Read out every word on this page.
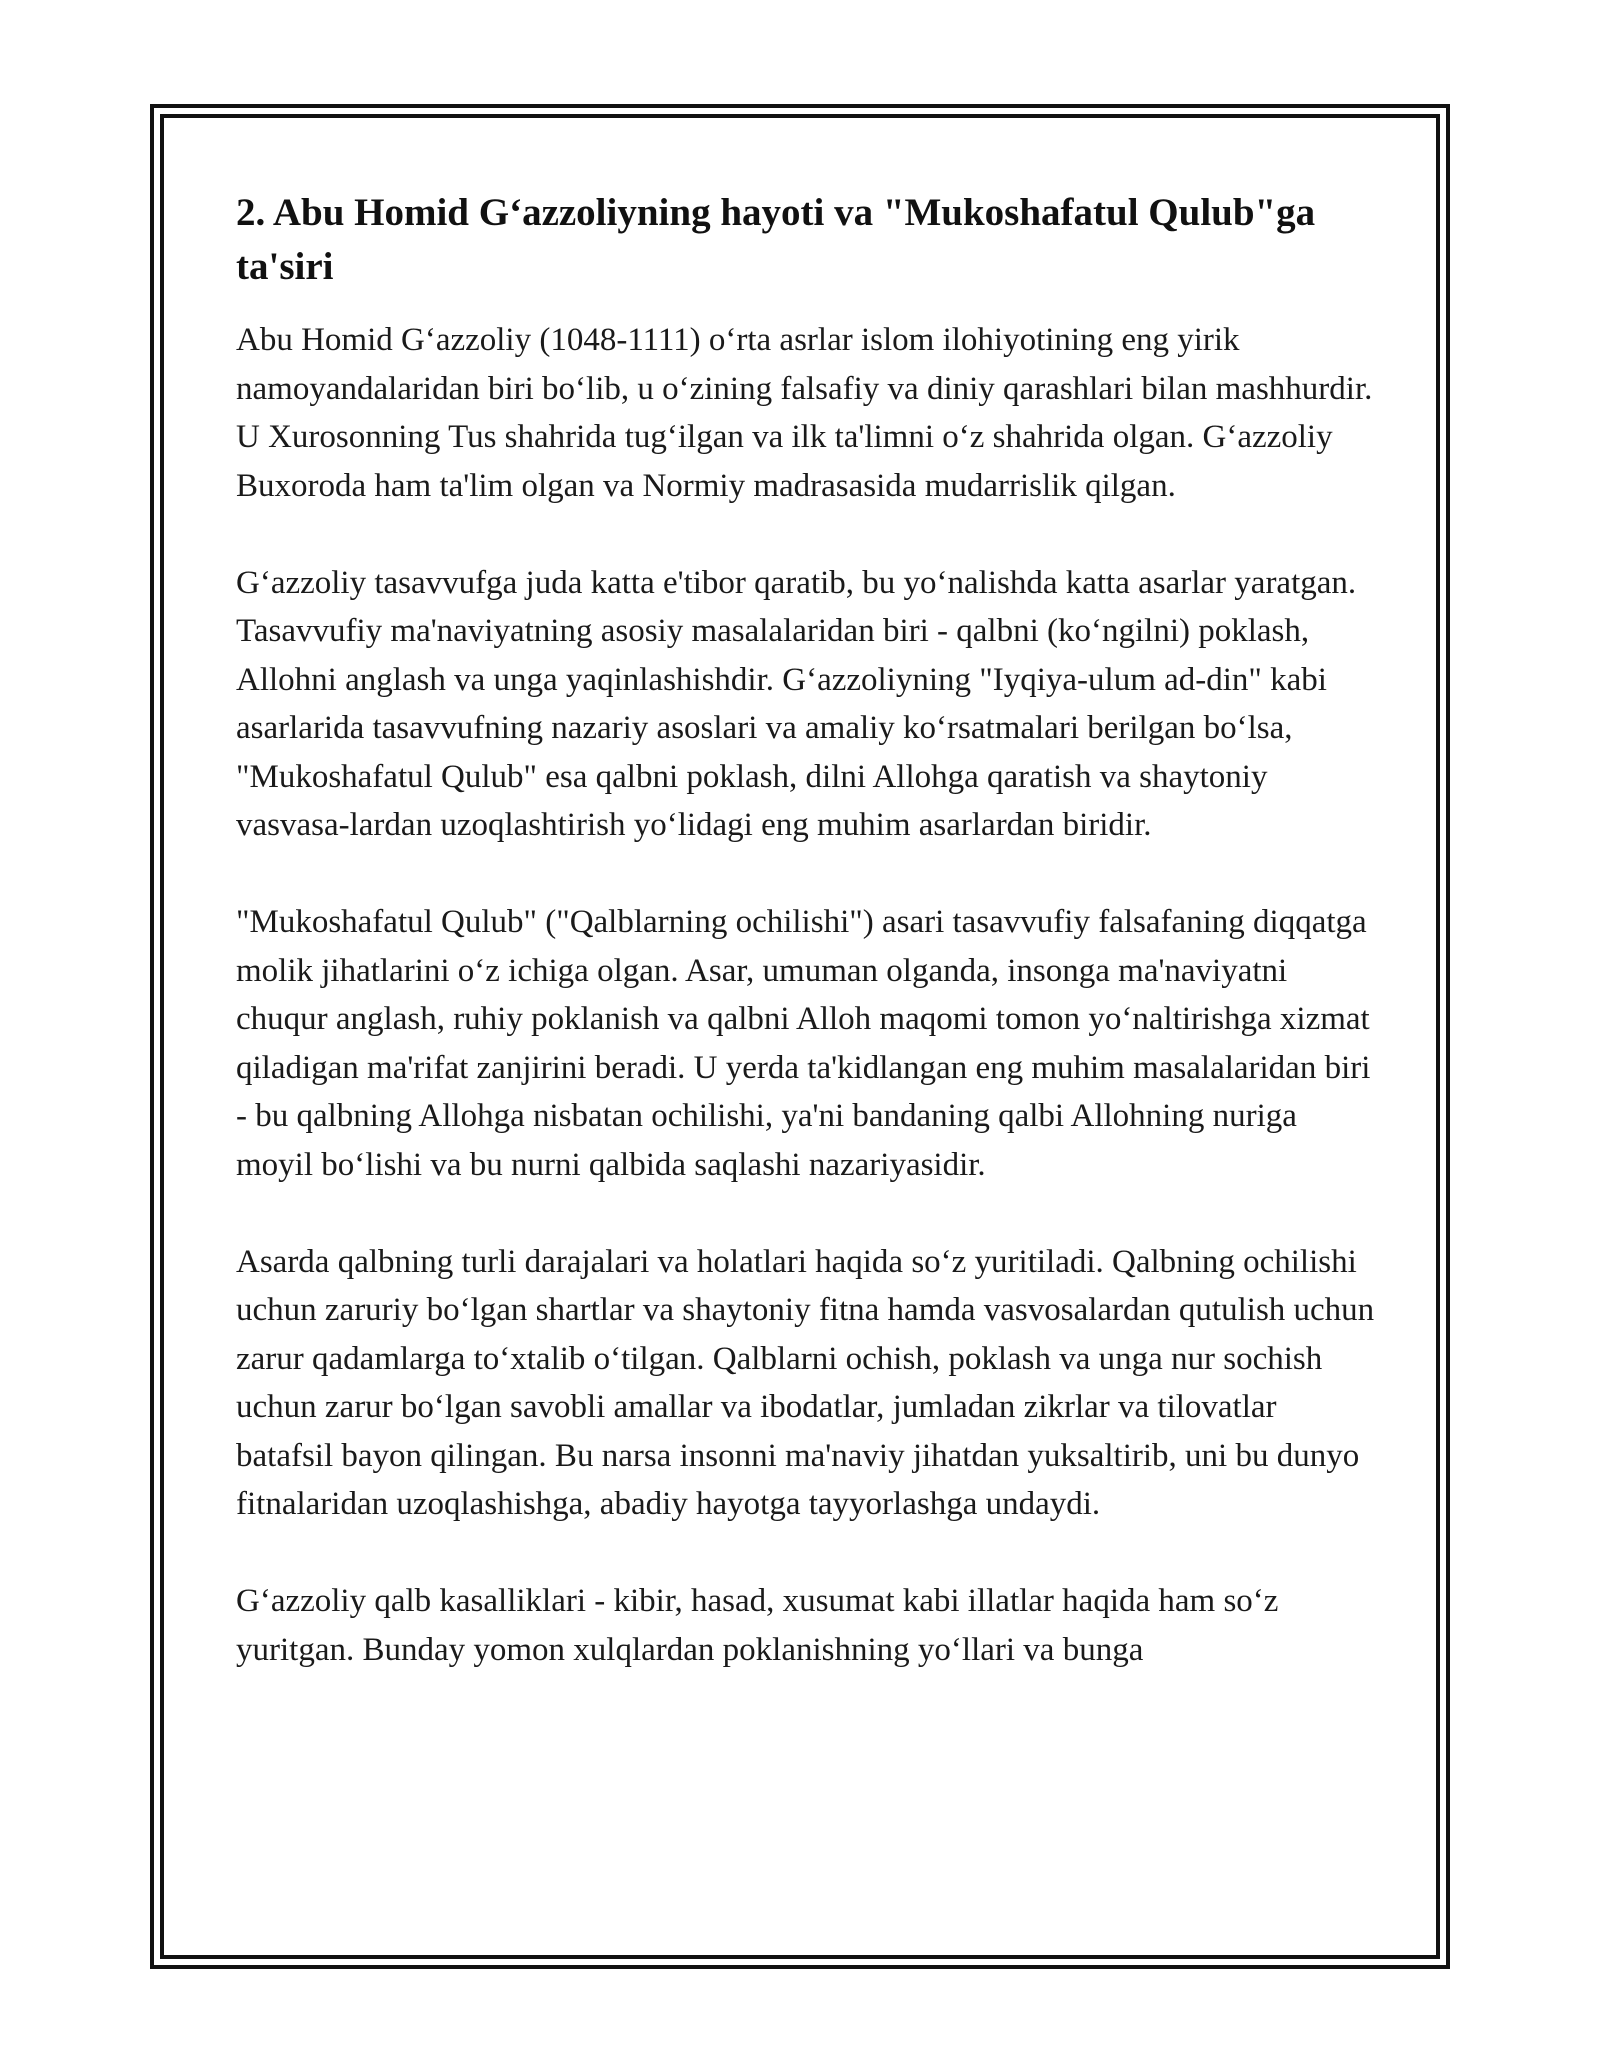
2. Abu Homid G‘azzoliyning hayoti va "Mukoshafatul Qulub"ga ta'siri

Abu Homid G‘azzoliy (1048-1111) o‘rta asrlar islom ilohiyotining eng yirik namoyandalaridan biri bo‘lib, u o‘zining falsafiy va diniy qarashlari bilan mashhurdir. U Xurosonning Tus shahrida tug‘ilgan va ilk ta'limni o‘z shahrida olgan. G‘azzoliy Buxoroda ham ta'lim olgan va Normiy madrasasida mudarrislik qilgan.

G‘azzoliy tasavvufga juda katta e'tibor qaratib, bu yo‘nalishda katta asarlar yaratgan. Tasavvufiy ma'naviyatning asosiy masalalaridan biri - qalbni (ko‘ngilni) poklash, Allohni anglash va unga yaqinlashishdir. G‘azzoliyning "Iyqiya-ulum ad-din" kabi asarlarida tasavvufning nazariy asoslari va amaliy ko‘rsatmalari berilgan bo‘lsa, "Mukoshafatul Qulub" esa qalbni poklash, dilni Allohga qaratish va shaytoniy vasvasa-lardan uzoqlashtirish yo‘lidagi eng muhim asarlardan biridir.

"Mukoshafatul Qulub" ("Qalblarning ochilishi") asari tasavvufiy falsafaning diqqatga molik jihatlarini o‘z ichiga olgan. Asar, umuman olganda, insonga ma'naviyatni chuqur anglash, ruhiy poklanish va qalbni Alloh maqomi tomon yo‘naltirishga xizmat qiladigan ma'rifat zanjirini beradi. U yerda ta'kidlangan eng muhim masalalaridan biri - bu qalbning Allohga nisbatan ochilishi, ya'ni bandaning qalbi Allohning nuriga moyil bo‘lishi va bu nurni qalbida saqlashi nazariyasidir.

Asarda qalbning turli darajalari va holatlari haqida so‘z yuritiladi. Qalbning ochilishi uchun zaruriy bo‘lgan shartlar va shaytoniy fitna hamda vasvosalardan qutulish uchun zarur qadamlarga to‘xtalib o‘tilgan. Qalblarni ochish, poklash va unga nur sochish uchun zarur bo‘lgan savobli amallar va ibodatlar, jumladan zikrlar va tilovatlar batafsil bayon qilingan. Bu narsa insonni ma'naviy jihatdan yuksaltirib, uni bu dunyo fitnalaridan uzoqlashishga, abadiy hayotga tayyorlashga undaydi.

G‘azzoliy qalb kasalliklari - kibir, hasad, xusumat kabi illatlar haqida ham so‘z yuritgan. Bunday yomon xulqlardan poklanishning yo‘llari va bunga
